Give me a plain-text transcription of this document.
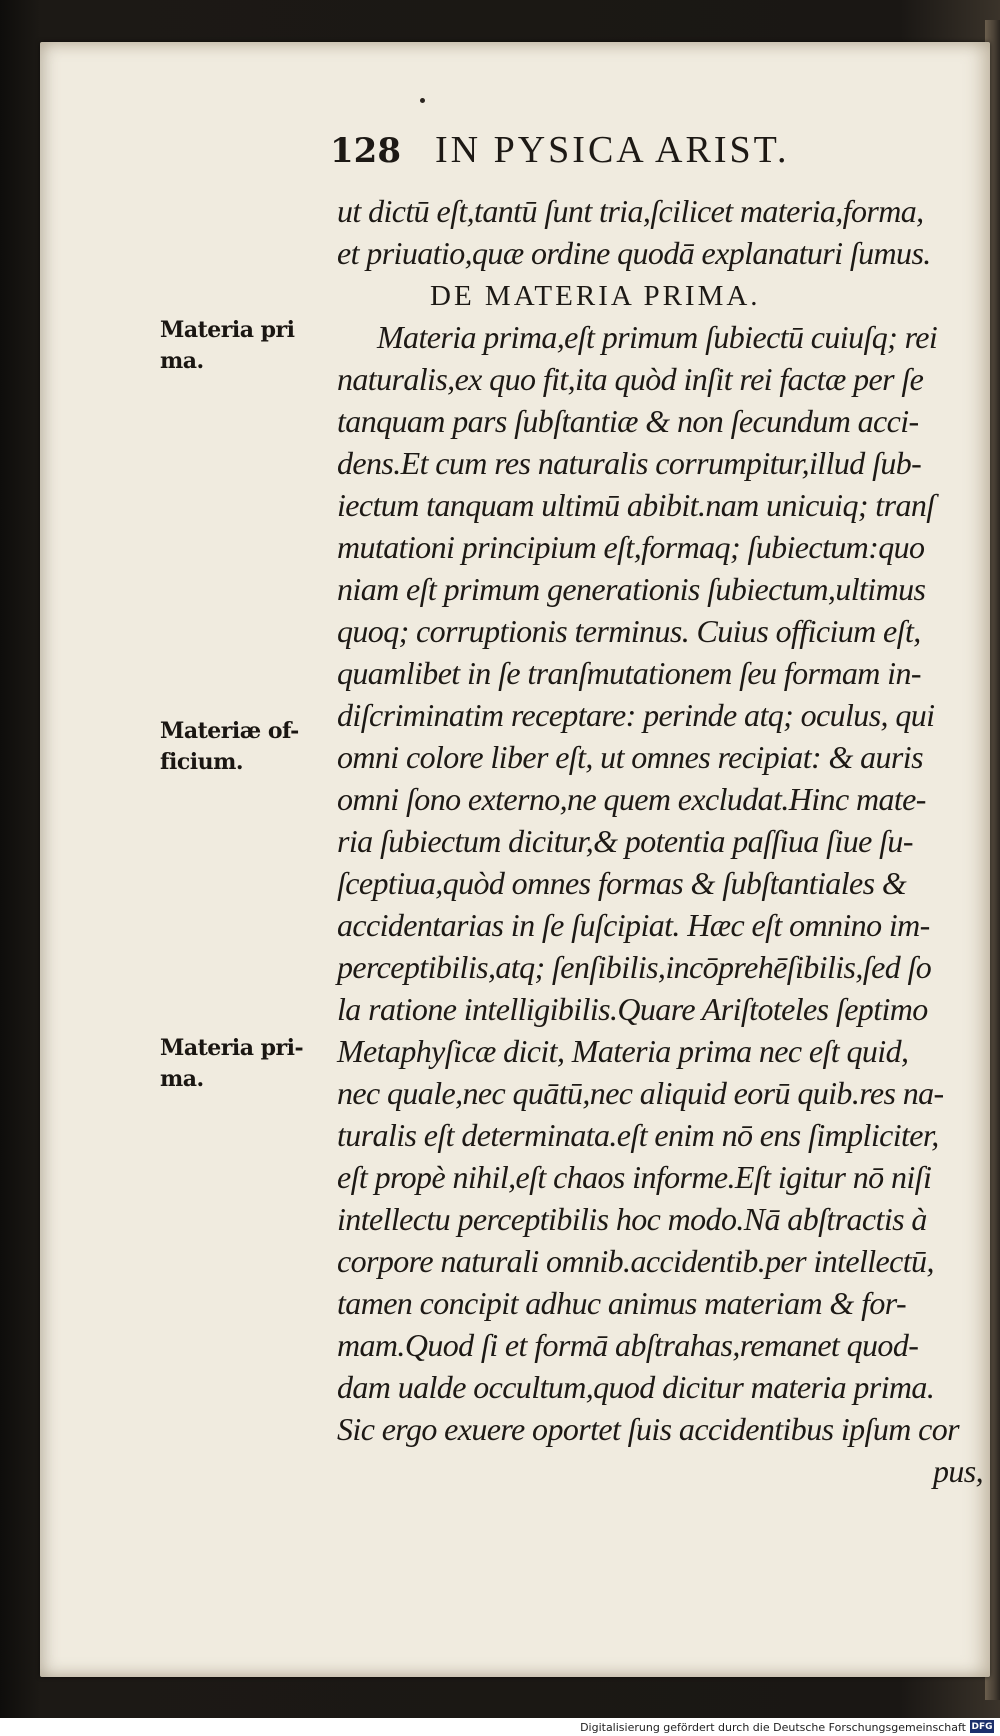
128 IN PYSICA ARIST.
ut dictū eſt,tantū ſunt tria,ſcilicet materia,forma,
et priuatio,quæ ordine quodā explanaturi ſumus.
DE MATERIA PRIMA.
Materia prima,eſt primum ſubiectū cuiuſq; rei
naturalis,ex quo fit,ita quòd inſit rei factæ per ſe
tanquam pars ſubſtantiæ & non ſecundum acci-
dens.Et cum res naturalis corrumpitur,illud ſub-
iectum tanquam ultimū abibit.nam unicuiq; tranſ
mutationi principium eſt,formaq; ſubiectum:quo
niam eſt primum generationis ſubiectum,ultimus
quoq; corruptionis terminus. Cuius officium eſt,
quamlibet in ſe tranſmutationem ſeu formam in-
diſcriminatim receptare: perinde atq; oculus, qui
omni colore liber eſt, ut omnes recipiat: & auris
omni ſono externo,ne quem excludat.Hinc mate-
ria ſubiectum dicitur,& potentia paſſiua ſiue ſu-
ſceptiua,quòd omnes formas & ſubſtantiales &
accidentarias in ſe ſuſcipiat. Hæc eſt omnino im-
perceptibilis,atq; ſenſibilis,incōprehēſibilis,ſed ſo
la ratione intelligibilis.Quare Ariſtoteles ſeptimo
Metaphyſicæ dicit, Materia prima nec eſt quid,
nec quale,nec quātū,nec aliquid eorū quib.res na-
turalis eſt determinata.eſt enim nō ens ſimpliciter,
eſt propè nihil,eſt chaos informe.Eſt igitur nō niſi
intellectu perceptibilis hoc modo.Nā abſtractis à
corpore naturali omnib.accidentib.per intellectū,
tamen concipit adhuc animus materiam & for-
mam.Quod ſi et formā abſtrahas,remanet quod-
dam ualde occultum,quod dicitur materia prima.
Sic ergo exuere oportet ſuis accidentibus ipſum cor
pus,
Materia pri
ma.
Materiæ of-
ficium.
Materia pri-
ma.
Digitalisierung gefördert durch die Deutsche Forschungsgemeinschaft DFG
